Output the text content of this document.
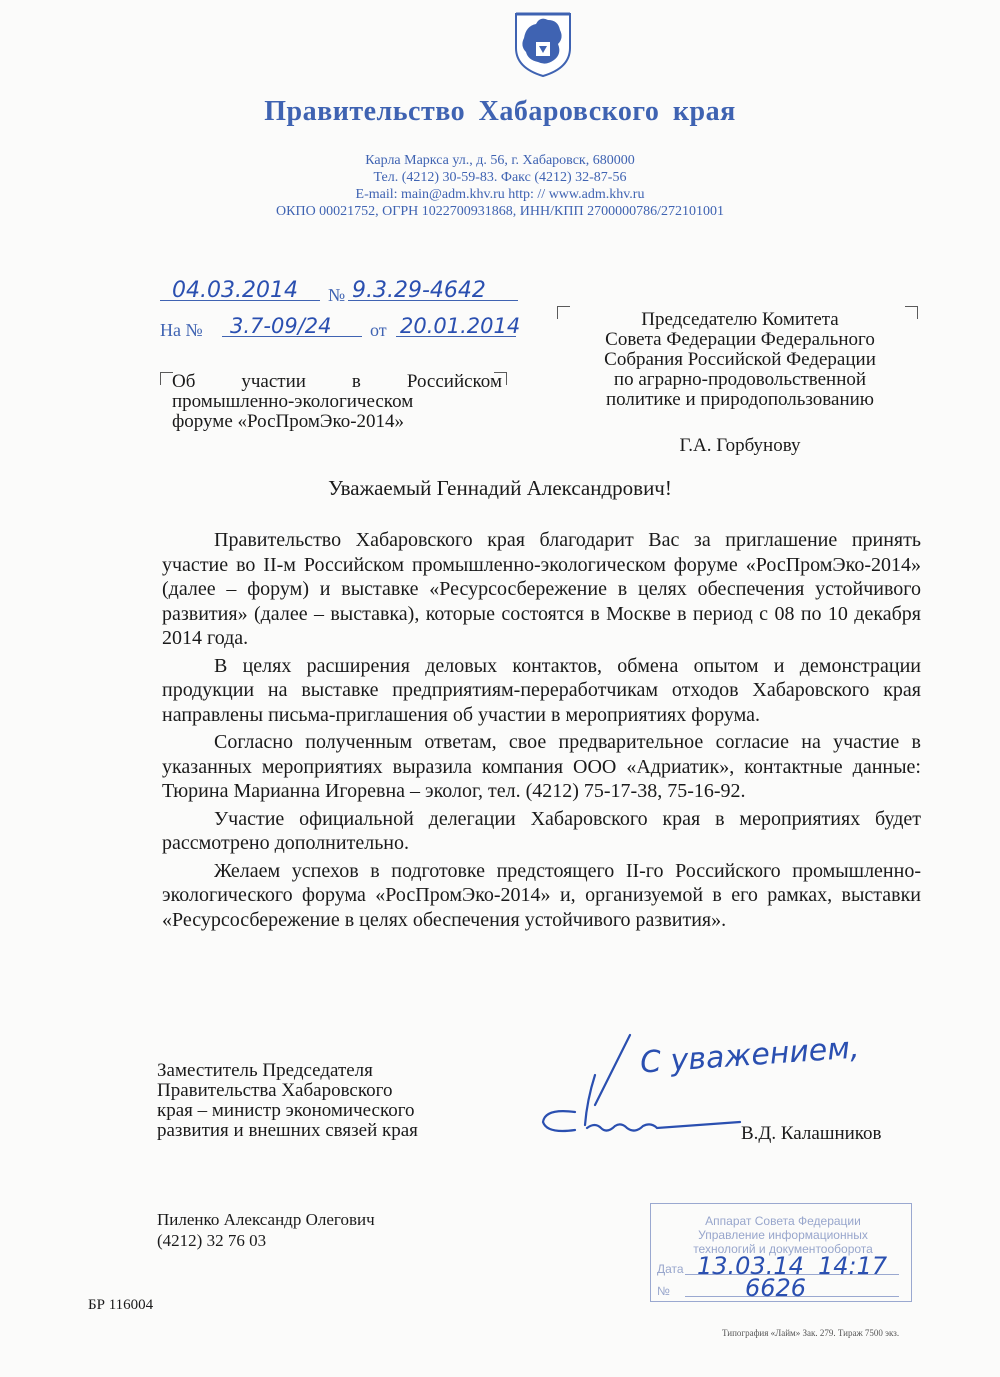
Правительство Хабаровского края
Карла Маркса ул., д. 56, г. Хабаровск, 680000
Тел. (4212) 30-59-83. Факс (4212) 32-87-56
E-mail: main@adm.khv.ru http: // www.adm.khv.ru
ОКПО 00021752, ОГРН 1022700931868, ИНН/КПП 2700000786/272101001
04.03.2014 № 9.3.29-4642
На № 3.7-09/24 от 20.01.2014
Об участии в Российском
промышленно-экологическом
форуме «РосПромЭко-2014»
Председателю Комитета
Совета Федерации Федерального
Собрания Российской Федерации
по аграрно-продовольственной
политике и природопользованию
Г.А. Горбунову
Уважаемый Геннадий Александрович!

Правительство Хабаровского края благодарит Вас за приглашение принять участие во II-м Российском промышленно-экологическом форуме «РосПромЭко-2014» (далее – форум) и выставке «Ресурсосбережение в целях обеспечения устойчивого развития» (далее – выставка), которые состоятся в Москве в период с 08 по 10 декабря 2014 года.

В целях расширения деловых контактов, обмена опытом и демонстрации продукции на выставке предприятиям-переработчикам отходов Хабаровского края направлены письма-приглашения об участии в мероприятиях форума.

Согласно полученным ответам, свое предварительное согласие на участие в указанных мероприятиях выразила компания ООО «Адриатик», контактные данные: Тюрина Марианна Игоревна – эколог, тел. (4212) 75-17-38, 75-16-92.

Участие официальной делегации Хабаровского края в мероприятиях будет рассмотрено дополнительно.

Желаем успехов в подготовке предстоящего II-го Российского промышленно-экологического форума «РосПромЭко-2014» и, организуемой в его рамках, выставки «Ресурсосбережение в целях обеспечения устойчивого развития».

Заместитель Председателя
Правительства Хабаровского
края – министр экономического
развития и внешних связей края
С уважением,
В.Д. Калашников
Пиленко Александр Олегович
(4212) 32 76 03
БР 116004
Аппарат Совета Федерации
Управление информационных
технологий и документооборота
Дата
№
13.03.14 14:17
6626
Типография «Лайм» Зак. 279. Тираж 7500 экз.
